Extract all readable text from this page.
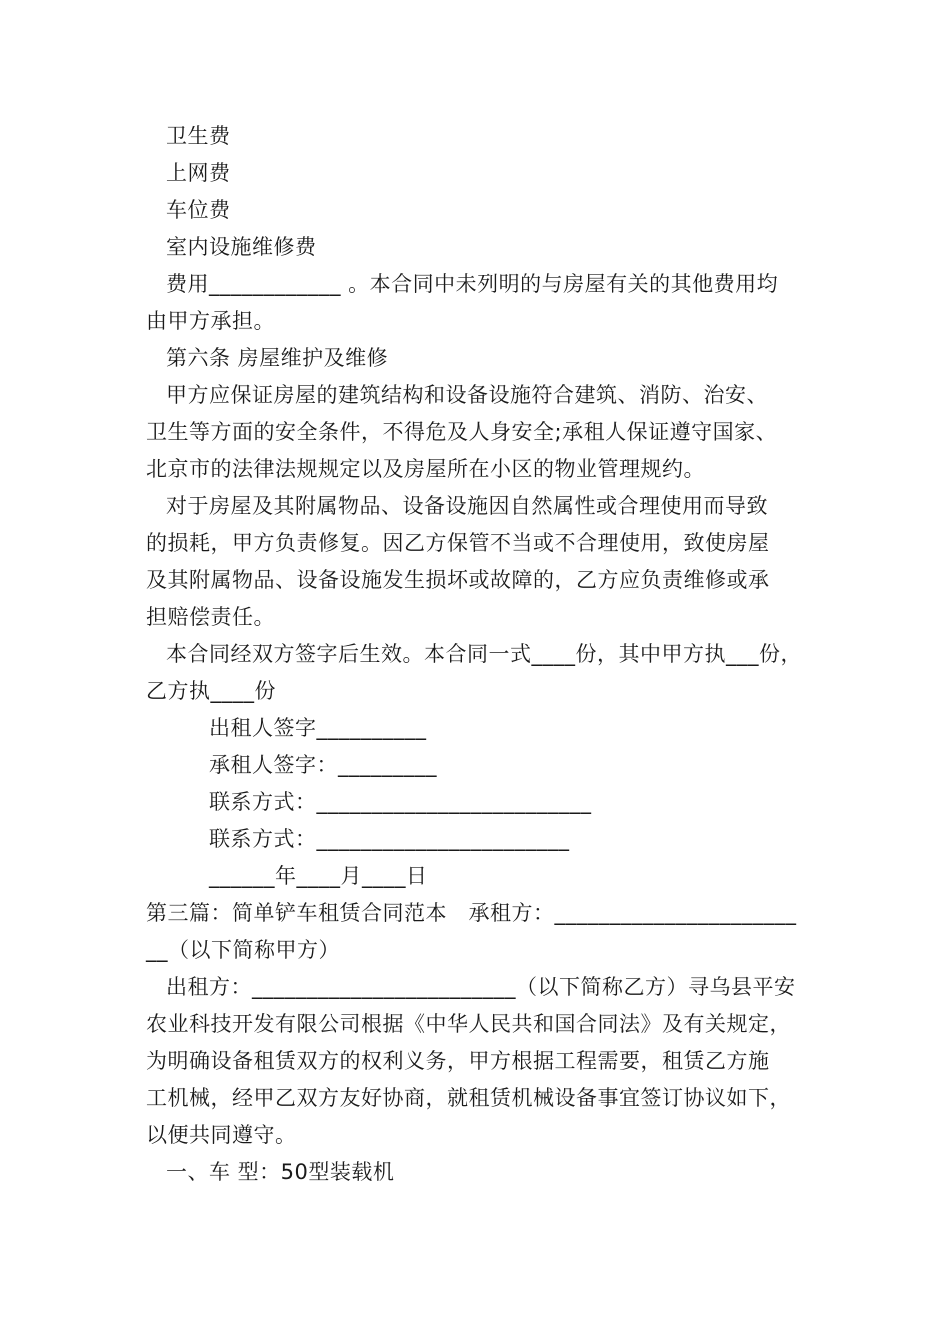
卫生费
上网费
车位费
室内设施维修费
费用____________ 。本合同中未列明的与房屋有关的其他费用均
由甲方承担。
第六条 房屋维护及维修
甲方应保证房屋的建筑结构和设备设施符合建筑、消防、治安、
卫生等方面的安全条件，不得危及人身安全;承租人保证遵守国家、
北京市的法律法规规定以及房屋所在小区的物业管理规约。
对于房屋及其附属物品、设备设施因自然属性或合理使用而导致
的损耗，甲方负责修复。因乙方保管不当或不合理使用，致使房屋
及其附属物品、设备设施发生损坏或故障的，乙方应负责维修或承
担赔偿责任。
本合同经双方签字后生效。本合同一式____份，其中甲方执___份，
乙方执____份
出租人签字__________
承租人签字：_________
联系方式：_________________________
联系方式：_______________________
______年____月____日
第三篇：简单铲车租赁合同范本　承租方：______________________
__（以下简称甲方）
出租方：________________________（以下简称乙方）寻乌县平安
农业科技开发有限公司根据《中华人民共和国合同法》及有关规定，
为明确设备租赁双方的权利义务，甲方根据工程需要，租赁乙方施
工机械，经甲乙双方友好协商，就租赁机械设备事宜签订协议如下，
以便共同遵守。
一、车 型：50型装载机
